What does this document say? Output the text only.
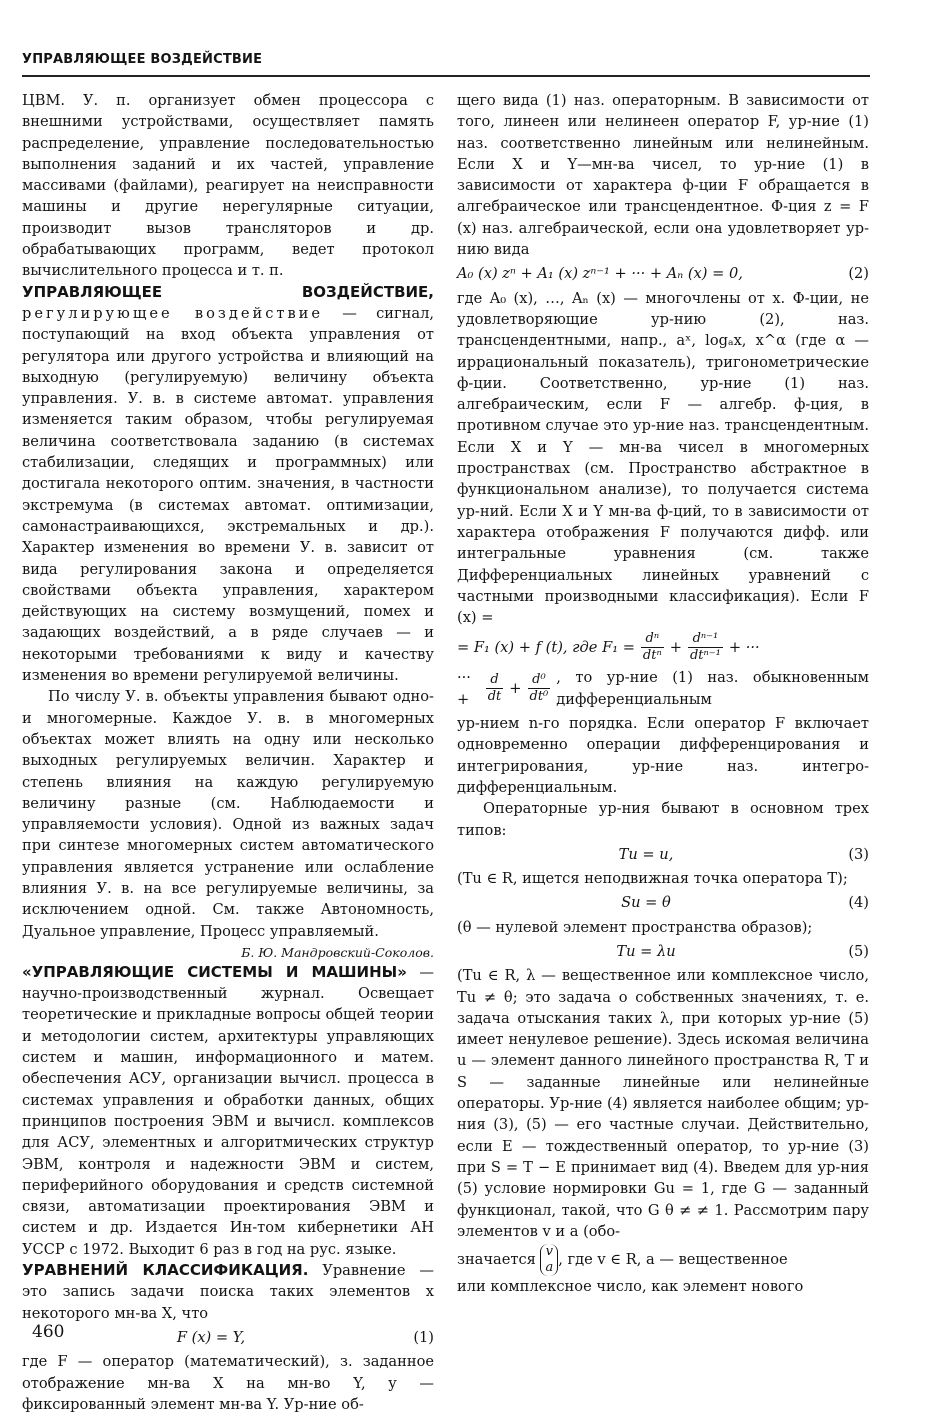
УПРАВЛЯЮЩЕЕ ВОЗДЕЙСТВИЕ

ЦВМ. У. п. организует обмен процессора с внешними устройствами, осуществляет память распределение, управление последовательностью выполнения заданий и их частей, управление массивами (файлами), реагирует на неисправности машины и другие нерегулярные ситуации, производит вызов трансляторов и др. обрабатывающих программ, ведет протокол вычислительного процесса и т. п.

УПРАВЛЯЮЩЕЕ ВОЗДЕЙСТВИЕ, регулирующее воздействие — сигнал, поступающий на вход объекта управления от регулятора или другого устройства и влияющий на выходную (регулируемую) величину объекта управления. У. в. в системе автомат. управления изменяется таким образом, чтобы регулируемая величина соответствовала заданию (в системах стабилизации, следящих и программных) или достигала некоторого оптим. значения, в частности экстремума (в системах автомат. оптимизации, самонастраивающихся, экстремальных и др.). Характер изменения во времени У. в. зависит от вида регулирования закона и определяется свойствами объекта управления, характером действующих на систему возмущений, помех и задающих воздействий, а в ряде случаев — и некоторыми требованиями к виду и качеству изменения во времени регулируемой величины.

По числу У. в. объекты управления бывают одно- и многомерные. Каждое У. в. в многомерных объектах может влиять на одну или несколько выходных регулируемых величин. Характер и степень влияния на каждую регулируемую величину разные (см. Наблюдаемости и управляемости условия). Одной из важных задач при синтезе многомерных систем автоматического управления является устранение или ослабление влияния У. в. на все регулируемые величины, за исключением одной. См. также Автономность, Дуальное управление, Процесс управляемый.

Б. Ю. Мандровский-Соколов.

«УПРАВЛЯЮЩИЕ СИСТЕМЫ И МАШИНЫ» — научно-производственный журнал. Освещает теоретические и прикладные вопросы общей теории и методологии систем, архитектуры управляющих систем и машин, информационного и матем. обеспечения АСУ, организации вычисл. процесса в системах управления и обработки данных, общих принципов построения ЭВМ и вычисл. комплексов для АСУ, элементных и алгоритмических структур ЭВМ, контроля и надежности ЭВМ и систем, периферийного оборудования и средств системной связи, автоматизации проектирования ЭВМ и систем и др. Издается Ин-том кибернетики АН УССР с 1972. Выходит 6 раз в год на рус. языке.

УРАВНЕНИЙ КЛАССИФИКАЦИЯ. Уравнение — это запись задачи поиска таких элементов x некоторого мн-ва X, что

F (x) = Y,	(1)

где F — оператор (математический), з. заданное отображение мн-ва X на мн-во Y, y — фиксированный элемент мн-ва Y. Ур-ние об-

щего вида (1) наз. операторным. В зависимости от того, линеен или нелинеен оператор F, ур-ние (1) наз. соответственно линейным или нелинейным. Если X и Y—мн-ва чисел, то ур-ние (1) в зависимости от характера ф-ции F обращается в алгебраическое или трансцендентное. Ф-ция z = F (x) наз. алгебраической, если она удовлетворяет ур-нию вида

A₀ (x) zⁿ + A₁ (x) zⁿ⁻¹ + ··· + Aₙ (x) = 0,	(2)

где A₀ (x), …, Aₙ (x) — многочлены от x. Ф-ции, не удовлетворяющие ур-нию (2), наз. трансцендентными, напр., aˣ, logₐx, x^α (где α — иррациональный показатель), тригонометрические ф-ции. Соответственно, ур-ние (1) наз. алгебраическим, если F — алгебр. ф-ция, в противном случае это ур-ние наз. трансцендентным. Если X и Y — мн-ва чисел в многомерных пространствах (см. Пространство абстрактное в функциональном анализе), то получается система ур-ний. Если X и Y мн-ва ф-ций, то в зависимости от характера отображения F получаются дифф. или интегральные уравнения (см. также Дифференциальных линейных уравнений с частными производными классификация). Если F (x) =

= F₁ (x) + f (t), где $F_1 = \frac{\text{dⁿ}}{\text{dtⁿ}} + \frac{\text{dⁿ⁻¹}}{\text{dtⁿ⁻¹}}$ + ···
··· +	$\frac{d}{dt} + \frac{\text{d⁰}}{\text{dt⁰}}$ , то ур-ние (1) наз. обыкновенным дифференциальным

ур-нием n-го порядка. Если оператор F включает одновременно операции дифференцирования и интегрирования, ур-ние наз. интегро-дифференциальным.

Операторные ур-ния бывают в основном трех типов:

Tu = u,	(3)

(Tu ∈ R, ищется неподвижная точка оператора T);

Su = θ	(4)

(θ — нулевой элемент пространства образов);

Tu = λu	(5)

(Tu ∈ R, λ — вещественное или комплексное число, Tu ≠ θ; это задача о собственных значениях, т. е. задача отыскания таких λ, при которых ур-ние (5) имеет ненулевое решение). Здесь искомая величина u — элемент данного линейного пространства R, T и S — заданные линейные или нелинейные операторы. Ур-ние (4) является наиболее общим; ур-ния (3), (5) — его частные случаи. Действительно, если E — тождественный оператор, то ур-ние (3) при S = T − E принимает вид (4). Введем для ур-ния (5) условие нормировки Gu = 1, где G — заданный функционал, такой, что G θ ≠ ≠ 1. Рассмотрим пару элементов v и a (обо-

значается v
a , где v ∈ R, a — вещественное

или комплексное число, как элемент нового

460
